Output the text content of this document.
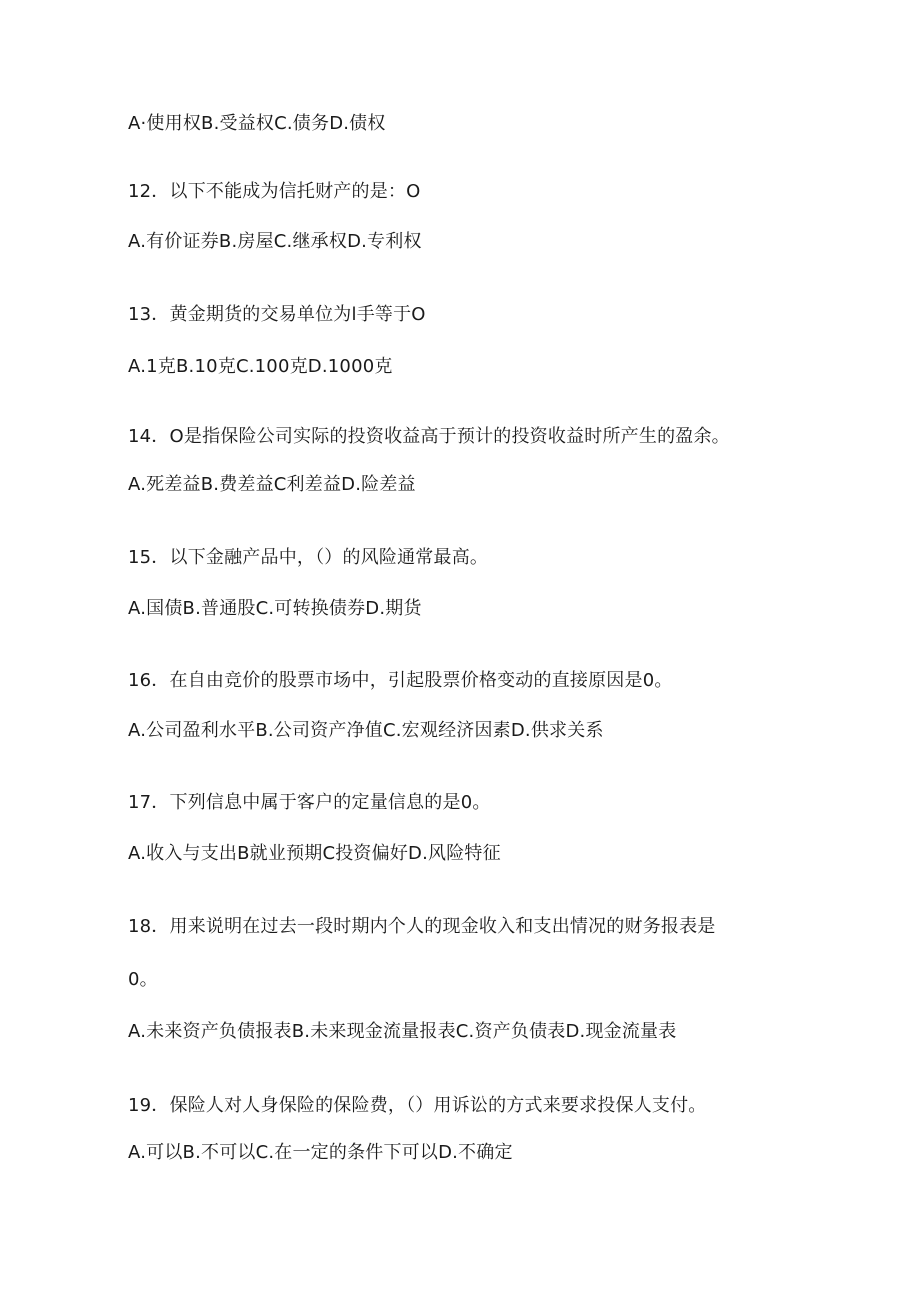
A·使用权B.受益权C.债务D.债权
12．以下不能成为信托财产的是：O
A.有价证券B.房屋C.继承权D.专利权
13．黄金期货的交易单位为l手等于O
A.1克B.10克C.100克D.1000克
14．O是指保险公司实际的投资收益高于预计的投资收益时所产生的盈余。
A.死差益B.费差益C利差益D.险差益
15．以下金融产品中，（）的风险通常最高。
A.国债B.普通股C.可转换债券D.期货
16．在自由竞价的股票市场中，引起股票价格变动的直接原因是0。
A.公司盈利水平B.公司资产净值C.宏观经济因素D.供求关系
17．下列信息中属于客户的定量信息的是0。
A.收入与支出B就业预期C投资偏好D.风险特征
18．用来说明在过去一段时期内个人的现金收入和支出情况的财务报表是
0。
A.未来资产负债报表B.未来现金流量报表C.资产负债表D.现金流量表
19．保险人对人身保险的保险费，（）用诉讼的方式来要求投保人支付。
A.可以B.不可以C.在一定的条件下可以D.不确定
